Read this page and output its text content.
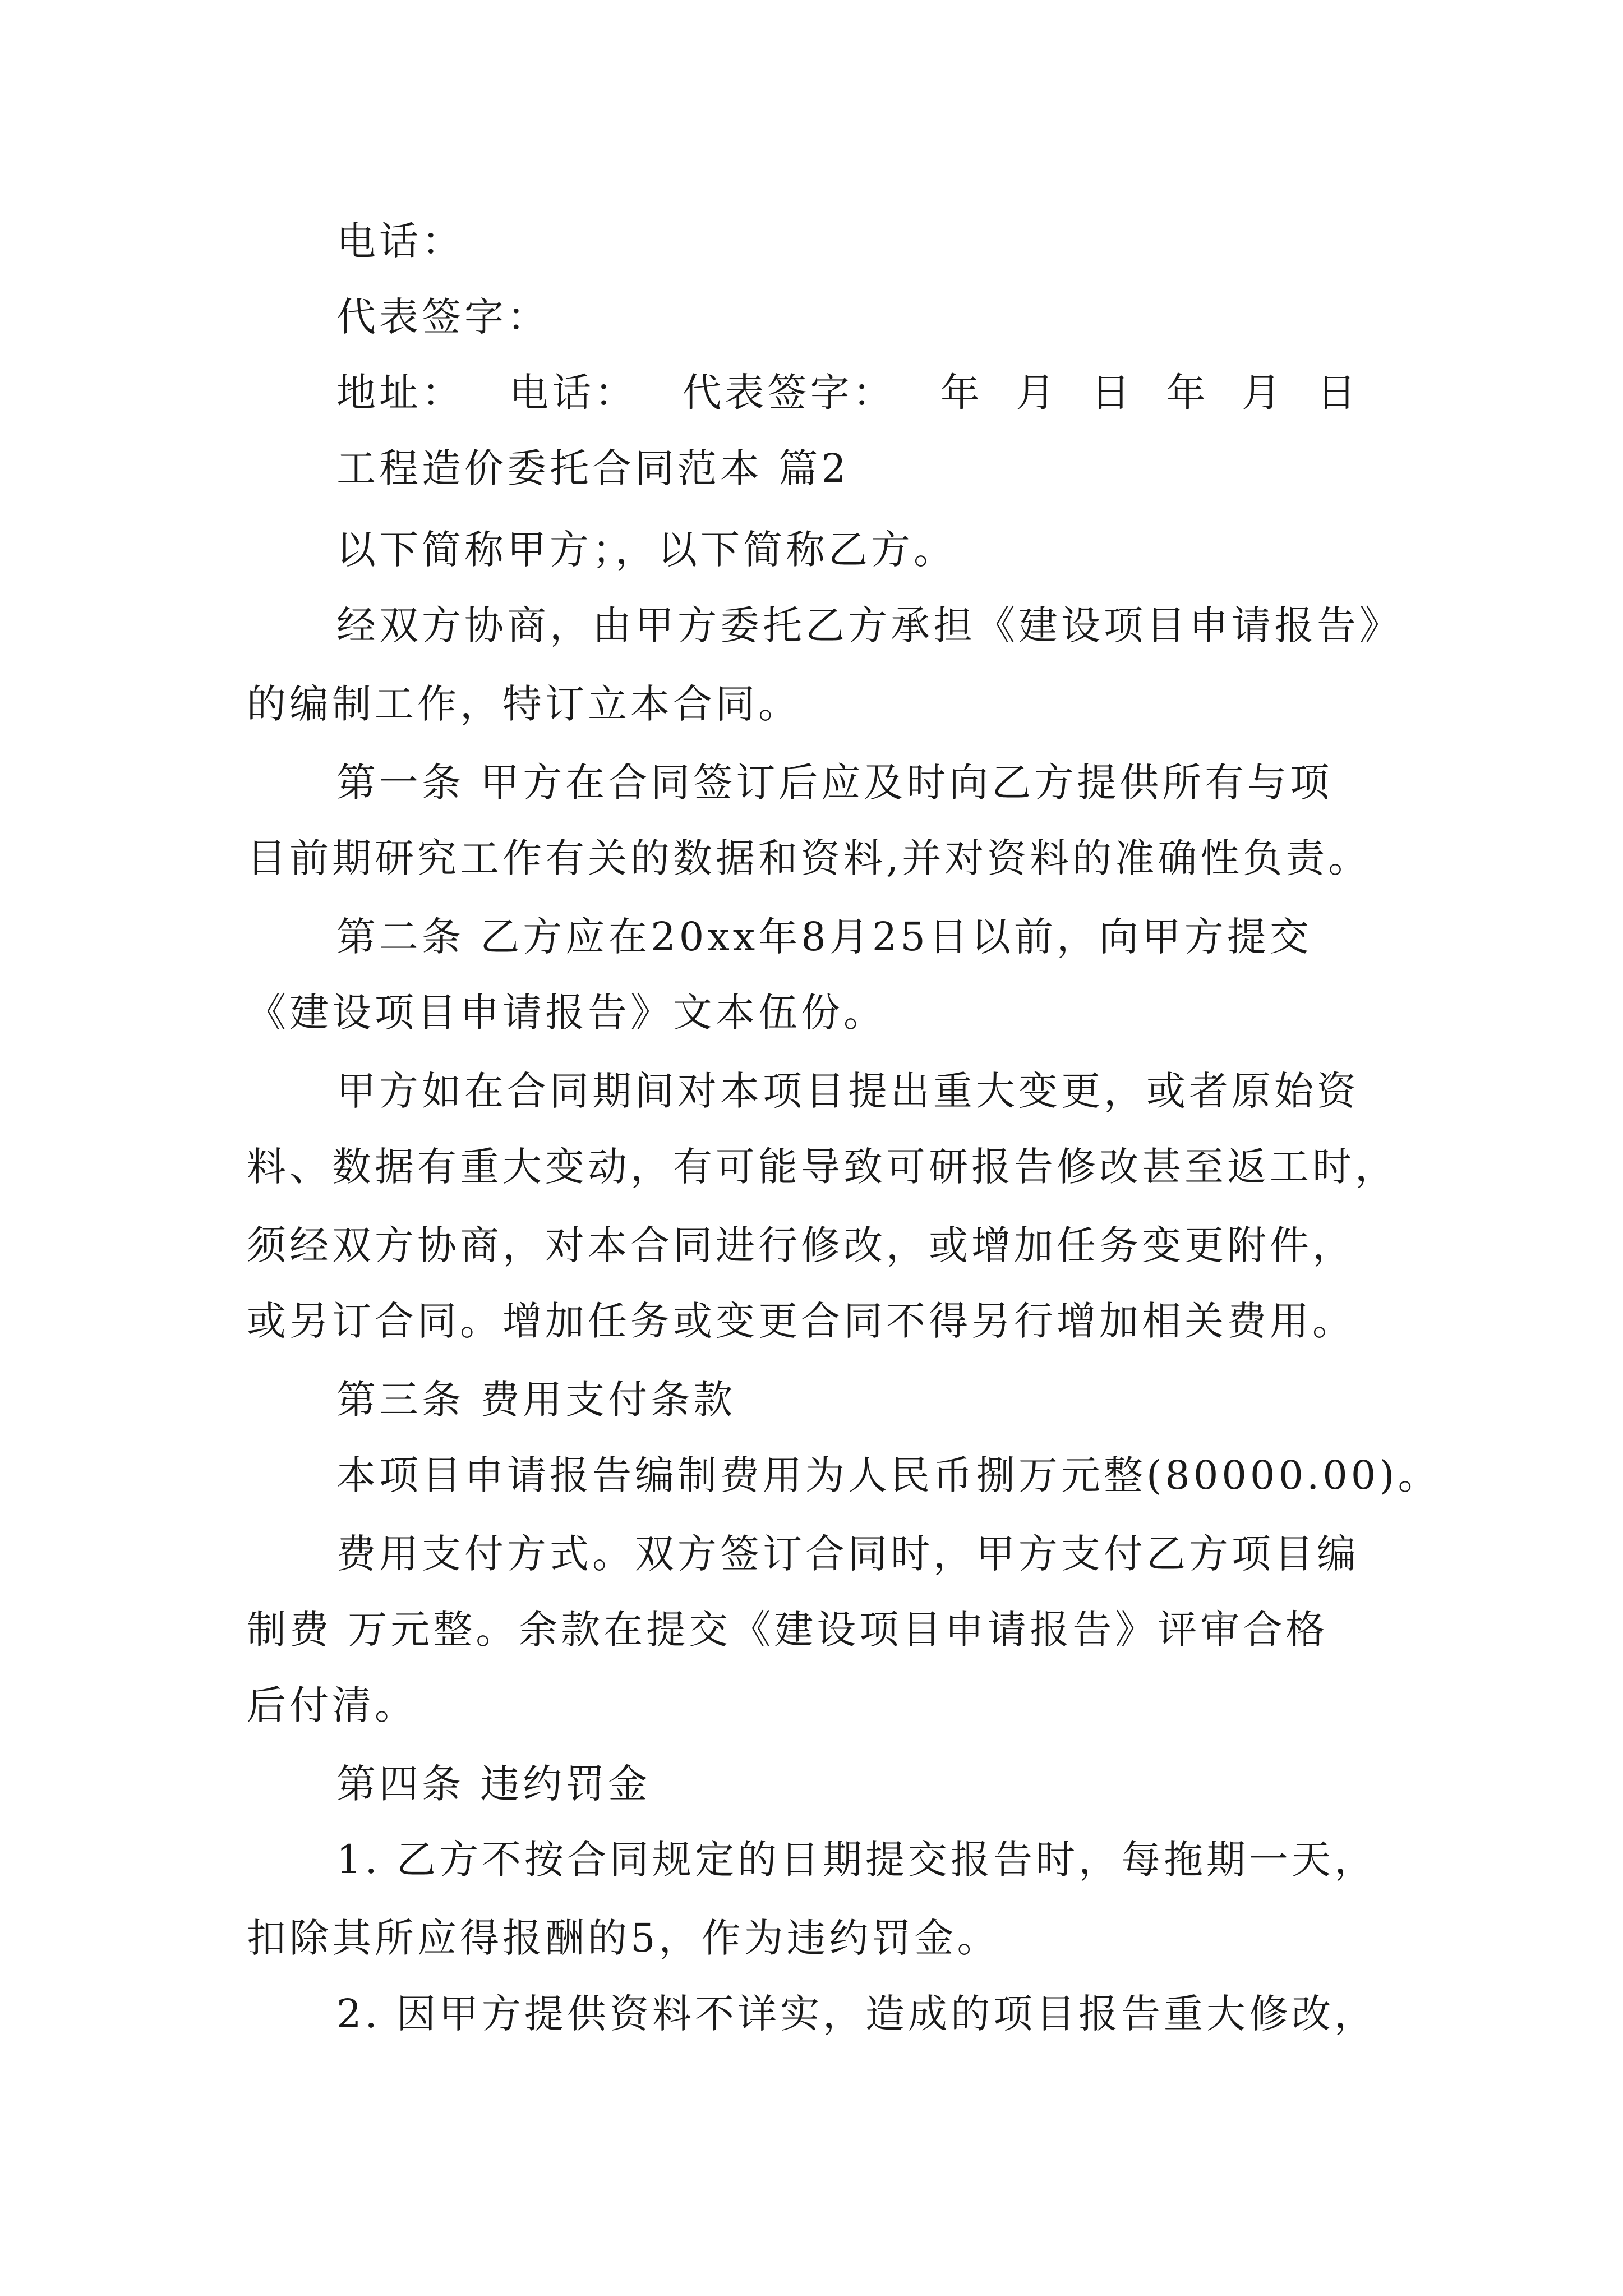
电话：
代表签字：
地址： 电话： 代表签字： 年 月 日 年 月 日
工程造价委托合同范本 篇2
以下简称甲方；，以下简称乙方。
经双方协商，由甲方委托乙方承担《建设项目申请报告》
的编制工作，特订立本合同。
第一条 甲方在合同签订后应及时向乙方提供所有与项
目前期研究工作有关的数据和资料,并对资料的准确性负责。
第二条 乙方应在20xx年8月25日以前，向甲方提交
《建设项目申请报告》文本伍份。
甲方如在合同期间对本项目提出重大变更，或者原始资
料、数据有重大变动，有可能导致可研报告修改甚至返工时，
须经双方协商，对本合同进行修改，或增加任务变更附件，
或另订合同。增加任务或变更合同不得另行增加相关费用。
第三条 费用支付条款
本项目申请报告编制费用为人民币捌万元整(80000.00)。
费用支付方式。双方签订合同时，甲方支付乙方项目编
制费 万元整。余款在提交《建设项目申请报告》评审合格
后付清。
第四条 违约罚金
1. 乙方不按合同规定的日期提交报告时，每拖期一天，
扣除其所应得报酬的5，作为违约罚金。
2. 因甲方提供资料不详实，造成的项目报告重大修改，
